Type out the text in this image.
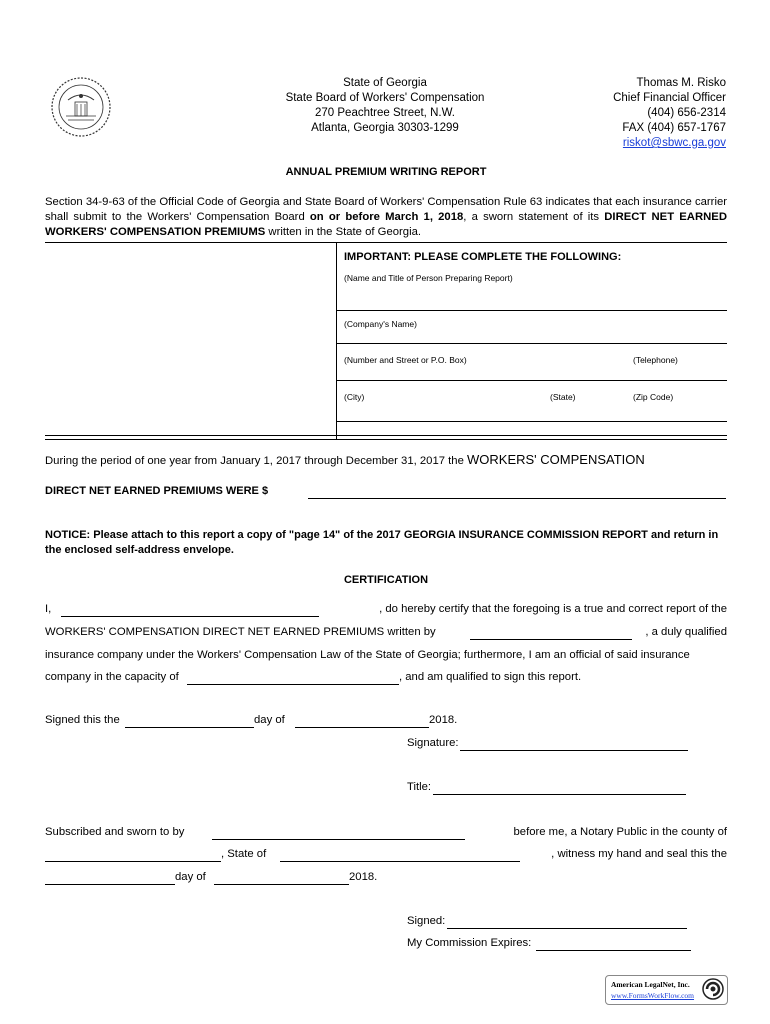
State of Georgia
State Board of Workers' Compensation
270 Peachtree Street, N.W.
Atlanta, Georgia 30303-1299
Thomas M. Risko
Chief Financial Officer
(404) 656-2314
FAX (404) 657-1767
riskot@sbwc.ga.gov
ANNUAL PREMIUM WRITING REPORT
Section 34-9-63 of the Official Code of Georgia and State Board of Workers' Compensation Rule 63 indicates that each insurance carrier shall submit to the Workers' Compensation Board on or before March 1, 2018, a sworn statement of its DIRECT NET EARNED WORKERS' COMPENSATION PREMIUMS written in the State of Georgia.
IMPORTANT: PLEASE COMPLETE THE FOLLOWING:
(Name and Title of Person Preparing Report)
(Company's Name)
(Number and Street or P.O. Box)	(Telephone)
(City)	(State)	(Zip Code)
During the period of one year from January 1, 2017 through December 31, 2017 the WORKERS' COMPENSATION
DIRECT NET EARNED PREMIUMS WERE $
NOTICE: Please attach to this report a copy of "page 14" of the 2017 GEORGIA INSURANCE COMMISSION REPORT and return in the enclosed self-address envelope.
CERTIFICATION
I,	, do hereby certify that the foregoing is a true and correct report of the
WORKERS' COMPENSATION DIRECT NET EARNED PREMIUMS written by	, a duly qualified
insurance company under the Workers' Compensation Law of the State of Georgia; furthermore, I am an official of said insurance
company in the capacity of	, and am qualified to sign this report.
Signed this the	day of	2018.
Signature:
Title:
Subscribed and sworn to by	before me, a Notary Public in the county of
, State of	, witness my hand and seal this the
day of	2018.
Signed:
My Commission Expires:
American LegalNet, Inc.
www.FormsWorkFlow.com
